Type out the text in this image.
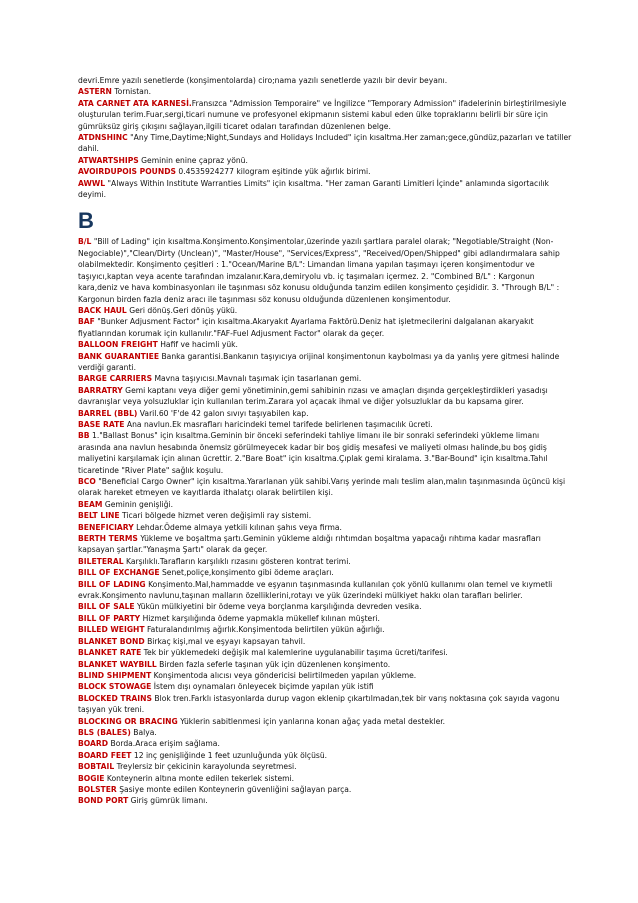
devri.Emre yazılı senetlerde (konşimentolarda) ciro;nama yazılı senetlerde yazılı bir devir beyanı.

ASTERN Tornistan.

ATA CARNET ATA KARNESİ.Fransızca "Admission Temporaire" ve İngilizce "Temporary Admission" ifadelerinin birleştirilmesiyle oluşturulan terim.Fuar,sergi,ticari numune ve profesyonel ekipmanın sistemi kabul eden ülke topraklarını belirli bir süre için gümrüksüz giriş çıkışını sağlayan,ilgili ticaret odaları tarafından düzenlenen belge.

ATDNSHINC "Any Time,Daytime;Night,Sundays and Holidays Included" için kısaltma.Her zaman;gece,gündüz,pazarları ve tatiller dahil.

ATWARTSHIPS Geminin enine çapraz yönü.

AVOIRDUPOIS POUNDS 0.4535924277 kilogram eşitinde yük ağırlık birimi.

AWWL "Always Within Institute Warranties Limits" için kısaltma. "Her zaman Garanti Limitleri İçinde" anlamında sigortacılık deyimi.

B

B/L "Bill of Lading" için kısaltma.Konşimento.Konşimentolar,üzerinde yazılı şartlara paralel olarak; "Negotiable/Straight (Non-Negociable)","Clean/Dirty (Unclean)", "Master/House", "Services/Express", "Received/Open/Shipped" gibi adlandırmalara sahip olabilmektedir. Konşimento çeşitleri : 1."Ocean/Marine B/L": Limandan limana yapılan taşımayı içeren konşimentodur ve taşıyıcı,kaptan veya acente tarafından imzalanır.Kara,demiryolu vb. iç taşımaları içermez. 2. "Combined B/L" : Kargonun kara,deniz ve hava kombinasyonları ile taşınması söz konusu olduğunda tanzim edilen konşimento çeşididir. 3. "Through B/L" : Kargonun birden fazla deniz aracı ile taşınması söz konusu olduğunda düzenlenen konşimentodur.

BACK HAUL Geri dönüş.Geri dönüş yükü.

BAF "Bunker Adjusment Factor" için kısaltma.Akaryakıt Ayarlama Faktörü.Deniz hat işletmecilerini dalgalanan akaryakıt fiyatlarından korumak için kullanılır."FAF-Fuel Adjusment Factor" olarak da geçer.

BALLOON FREIGHT Hafif ve hacimli yük.

BANK GUARANTIEE Banka garantisi.Bankanın taşıyıcıya orijinal konşimentonun kaybolması ya da yanlış yere gitmesi halinde verdiği garanti.

BARGE CARRIERS Mavna taşıyıcısı.Mavnalı taşımak için tasarlanan gemi.

BARRATRY Gemi kaptanı veya diğer gemi yönetiminin,gemi sahibinin rızası ve amaçları dışında gerçekleştirdikleri yasadışı davranışlar veya yolsuzluklar için kullanılan terim.Zarara yol açacak ihmal ve diğer yolsuzluklar da bu kapsama girer.

BARREL (BBL) Varil.60 'F'de 42 galon sıvıyı taşıyabilen kap.

BASE RATE Ana navlun.Ek masrafları haricindeki temel tarifede belirlenen taşımacılık ücreti.

BB 1."Ballast Bonus" için kısaltma.Geminin bir önceki seferindeki tahliye limanı ile bir sonraki seferindeki yükleme limanı arasında ana navlun hesabında önemsiz görülmeyecek kadar bir boş gidiş mesafesi ve maliyeti olması halinde,bu boş gidiş maliyetini karşılamak için alınan ücrettir. 2."Bare Boat" için kısaltma.Çıplak gemi kiralama. 3."Bar-Bound" için kısaltma.Tahıl ticaretinde "River Plate" sağlık koşulu.

BCO "Beneficial Cargo Owner" için kısaltma.Yararlanan yük sahibi.Varış yerinde malı teslim alan,malın taşınmasında üçüncü kişi olarak hareket etmeyen ve kayıtlarda ithalatçı olarak belirtilen kişi.

BEAM Geminin genişliği.

BELT LINE Ticari bölgede hizmet veren değişimli ray sistemi.

BENEFICIARY Lehdar.Ödeme almaya yetkili kılınan şahıs veya firma.

BERTH TERMS Yükleme ve boşaltma şartı.Geminin yükleme aldığı rıhtımdan boşaltma yapacağı rıhtıma kadar masrafları kapsayan şartlar."Yanaşma Şartı" olarak da geçer.

BILETERAL Karşılıklı.Tarafların karşılıklı rızasını gösteren kontrat terimi.

BILL OF EXCHANGE Senet,poliçe,konşimento gibi ödeme araçları.

BILL OF LADING Konşimento.Mal,hammadde ve eşyanın taşınmasında kullanılan çok yönlü kullanımı olan temel ve kıymetli evrak.Konşimento navlunu,taşınan malların özelliklerini,rotayı ve yük üzerindeki mülkiyet hakkı olan tarafları belirler.

BILL OF SALE Yükün mülkiyetini bir ödeme veya borçlanma karşılığında devreden vesika.

BILL OF PARTY Hizmet karşılığında ödeme yapmakla mükellef kılınan müşteri.

BILLED WEIGHT Faturalandırılmış ağırlık.Konşimentoda belirtilen yükün ağırlığı.

BLANKET BOND Birkaç kişi,mal ve eşyayı kapsayan tahvil.

BLANKET RATE Tek bir yüklemedeki değişik mal kalemlerine uygulanabilir taşıma ücreti/tarifesi.

BLANKET WAYBILL Birden fazla seferle taşınan yük için düzenlenen konşimento.

BLIND SHIPMENT Konşimentoda alıcısı veya göndericisi belirtilmeden yapılan yükleme.

BLOCK STOWAGE İstem dışı oynamaları önleyecek biçimde yapılan yük istifi

BLOCKED TRAINS Blok tren.Farklı istasyonlarda durup vagon eklenip çıkartılmadan,tek bir varış noktasına çok sayıda vagonu taşıyan yük treni.

BLOCKING OR BRACING Yüklerin sabitlenmesi için yanlarına konan ağaç yada metal destekler.

BLS (BALES) Balya.

BOARD Borda.Araca erişim sağlama.

BOARD FEET 12 inç genişliğinde 1 feet uzunluğunda yük ölçüsü.

BOBTAIL Treylersiz bir çekicinin karayolunda seyretmesi.

BOGIE Konteynerin altına monte edilen tekerlek sistemi.

BOLSTER Şasiye monte edilen Konteynerin güvenliğini sağlayan parça.

BOND PORT Giriş gümrük limanı.
